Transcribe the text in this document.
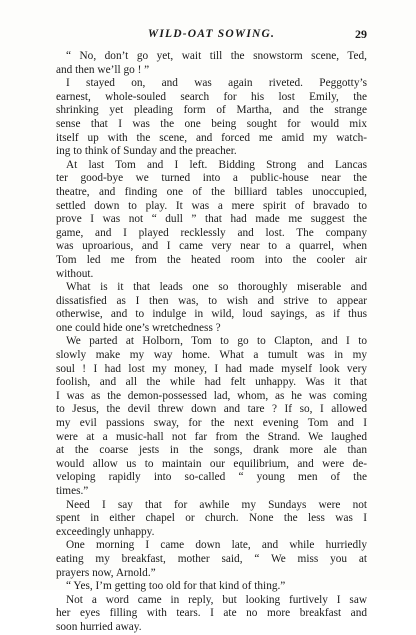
WILD-OAT SOWING.	29
“ No, don’t go yet, wait till the snowstorm scene, Ted,
and then we’ll go ! ”
I stayed on, and was again riveted. Peggotty’s
earnest, whole-souled search for his lost Emily, the
shrinking yet pleading form of Martha, and the strange
sense that I was the one being sought for would mix
itself up with the scene, and forced me amid my watch-
ing to think of Sunday and the preacher.
At last Tom and I left. Bidding Strong and Lancas
ter good-bye we turned into a public-house near the
theatre, and finding one of the billiard tables unoccupied,
settled down to play. It was a mere spirit of bravado to
prove I was not “ dull ” that had made me suggest the
game, and I played recklessly and lost. The company
was uproarious, and I came very near to a quarrel, when
Tom led me from the heated room into the cooler air
without.
What is it that leads one so thoroughly miserable and
dissatisfied as I then was, to wish and strive to appear
otherwise, and to indulge in wild, loud sayings, as if thus
one could hide one’s wretchedness ?
We parted at Holborn, Tom to go to Clapton, and I to
slowly make my way home. What a tumult was in my
soul ! I had lost my money, I had made myself look very
foolish, and all the while had felt unhappy. Was it that
I was as the demon-possessed lad, whom, as he was coming
to Jesus, the devil threw down and tare ? If so, I allowed
my evil passions sway, for the next evening Tom and I
were at a music-hall not far from the Strand. We laughed
at the coarse jests in the songs, drank more ale than
would allow us to maintain our equilibrium, and were de-
veloping rapidly into so-called “ young men of the
times.”
Need I say that for awhile my Sundays were not
spent in either chapel or church. None the less was I
exceedingly unhappy.
One morning I came down late, and while hurriedly
eating my breakfast, mother said, “ We miss you at
prayers now, Arnold.”
“ Yes, I’m getting too old for that kind of thing.”
Not a word came in reply, but looking furtively I saw
her eyes filling with tears. I ate no more breakfast and
soon hurried away.
